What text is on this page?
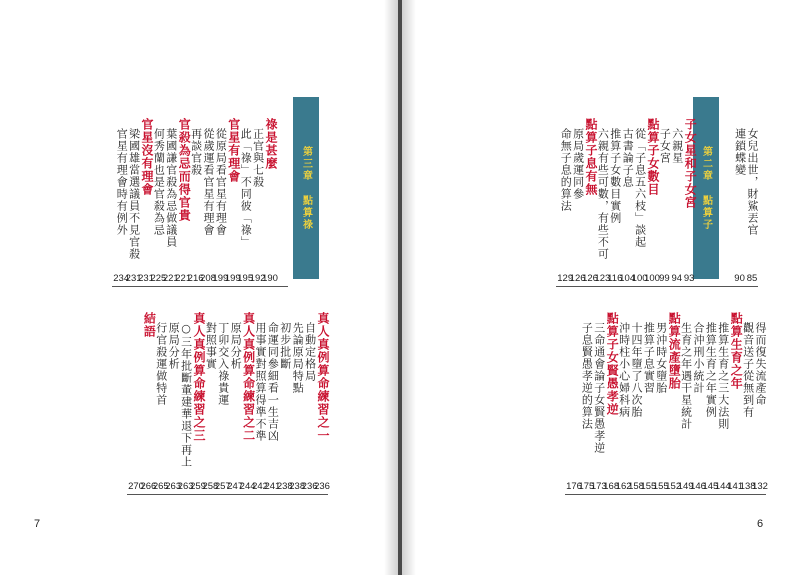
第三章 點算祿
祿是甚麼
190
正官與七殺
192
此「祿」不同彼「祿」
195
官星有理會
199
從原局看官星有理會
199
從歲運看官星有理會
208
再談官殺
216
官殺為忌而得官貴
221
葉國謙官殺為忌做議員
221
何秀蘭也是官殺為忌
225
官星沒有理會
231
梁國雄當選議員不見官殺
231
官星有理會時有例外
234
真人真例算命練習之一
236
自動定格局
236
先論原局特點
238
初步批斷
238
命運同參細看一生吉凶
241
用事實對照算得準不準
242
真人真例算命練習之二
244
原局分析
247
丁卯交入祿貴運
257
對照事實
258
真人真例算命練習之三
259
○三年批斷董建華退下再上
263
原局分析
263
行官殺運做特首
265
結語
266
270
第二章 點算子	女兒出世，財鯊丟官
85
連鎖蝶變
90
子女星和子女宮
93
六親星
94
子女宮
99
點算子女數目
100
從「子息五六枝」談起
100
古書論子息
104
推算子女數目實例
116
六親有些可數，有些不可
123
點算子息有無
126
原局歲運同參
126
命無子息的算法
129
得而復失流產命
132
觀音送子從無到有
138
點算生育之年
141
推算生育之三大法則
144
推算生育之年實例
145
合沖刑小統計
146
生育之年遇干星統計
149
點算流產墮胎
152
男沖時女墮胎
155
推算子息實習
155
十四年墮了八次胎
158
沖時柱小心婦科病
162
點算子女賢愚孝逆
168
三命通會論子女賢愚孝逆
173
子息賢愚孝逆的算法
175
176
7	6
